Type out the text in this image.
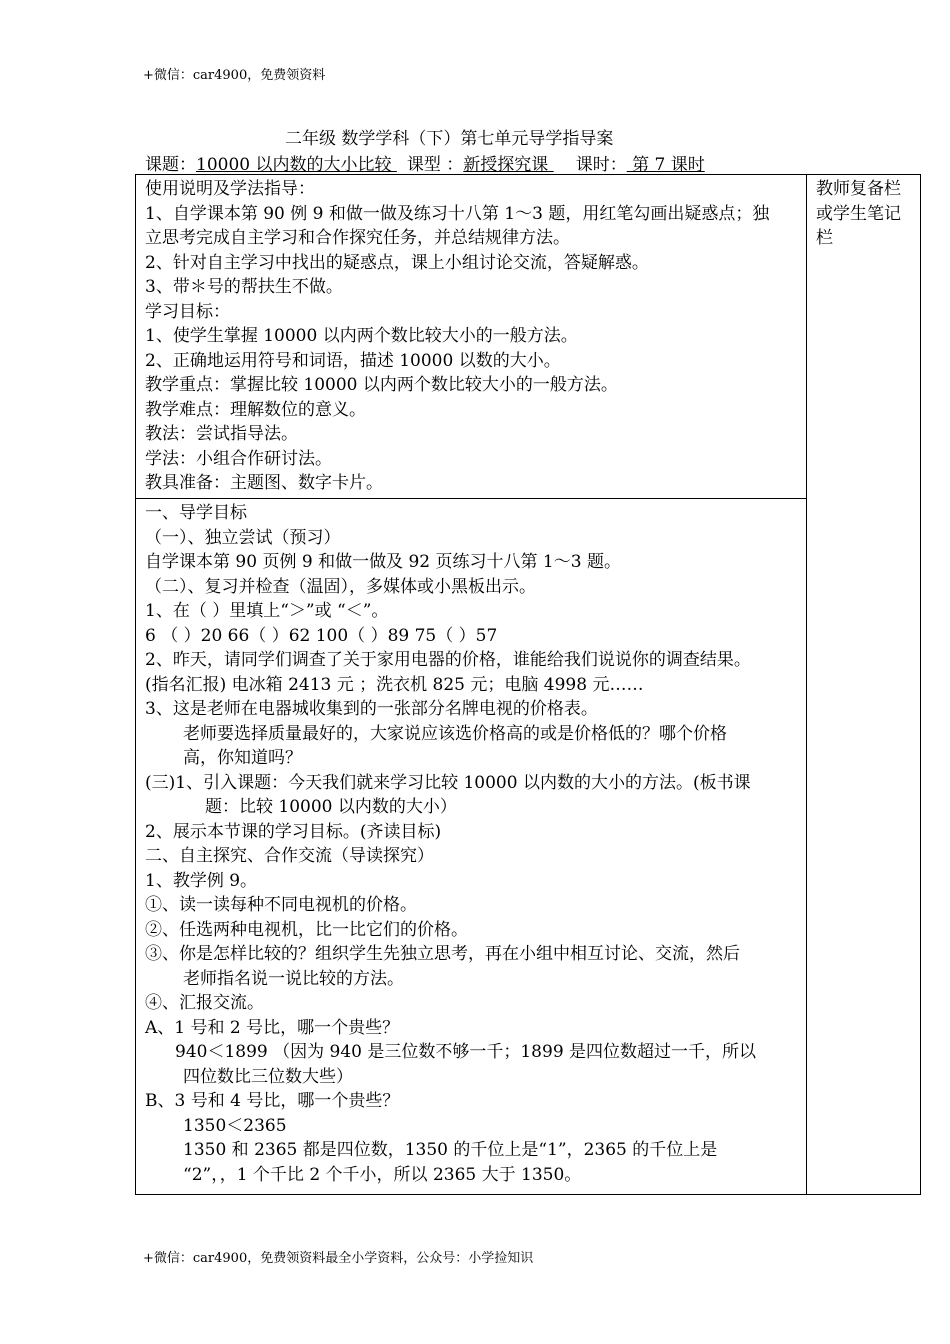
+微信：car4900，免费领资料
二年级 数学学科（下）第七单元导学指导案
课题：10000 以内数的大小比较 课型 ：新授探究课 课时： 第 7 课时
使用说明及学法指导：
1、自学课本第 90 例 9 和做一做及练习十八第 1～3 题，用红笔勾画出疑惑点；独
立思考完成自主学习和合作探究任务，并总结规律方法。
2、针对自主学习中找出的疑惑点，课上小组讨论交流，答疑解惑。
3、带＊号的帮扶生不做。
学习目标：
1、使学生掌握 10000 以内两个数比较大小的一般方法。
2、正确地运用符号和词语，描述 10000 以数的大小。
教学重点：掌握比较 10000 以内两个数比较大小的一般方法。
教学难点：理解数位的意义。
教法：尝试指导法。
学法：小组合作研讨法。
教具准备：主题图、数字卡片。
一、导学目标
（一）、独立尝试（预习）
自学课本第 90 页例 9 和做一做及 92 页练习十八第 1～3 题。
（二）、复习并检查（温固），多媒体或小黑板出示。
1、在（ ）里填上“＞”或 “＜”。
6 （ ）20 66（ ）62 100（ ）89 75（ ）57
2、昨天，请同学们调查了关于家用电器的价格，谁能给我们说说你的调查结果。
(指名汇报) 电冰箱 2413 元 ；洗衣机 825 元；电脑 4998 元……
3、这是老师在电器城收集到的一张部分名牌电视的价格表。
老师要选择质量最好的，大家说应该选价格高的或是价格低的？哪个价格
高，你知道吗？
(三)1、引入课题：今天我们就来学习比较 10000 以内数的大小的方法。(板书课
题：比较 10000 以内数的大小）
2、展示本节课的学习目标。(齐读目标)
二、自主探究、合作交流（导读探究）
1、教学例 9。
①、读一读每种不同电视机的价格。
②、任选两种电视机，比一比它们的价格。
③、你是怎样比较的？组织学生先独立思考，再在小组中相互讨论、交流，然后
老师指名说一说比较的方法。
④、汇报交流。
A、1 号和 2 号比，哪一个贵些？
940＜1899 （因为 940 是三位数不够一千；1899 是四位数超过一千，所以
四位数比三位数大些）
B、3 号和 4 号比，哪一个贵些？
1350＜2365
1350 和 2365 都是四位数，1350 的千位上是“1”，2365 的千位上是
“2”，，1 个千比 2 个千小，所以 2365 大于 1350。
教师复备栏或学生笔记 栏
+微信：car4900，免费领资料最全小学资料，公众号：小学捡知识
